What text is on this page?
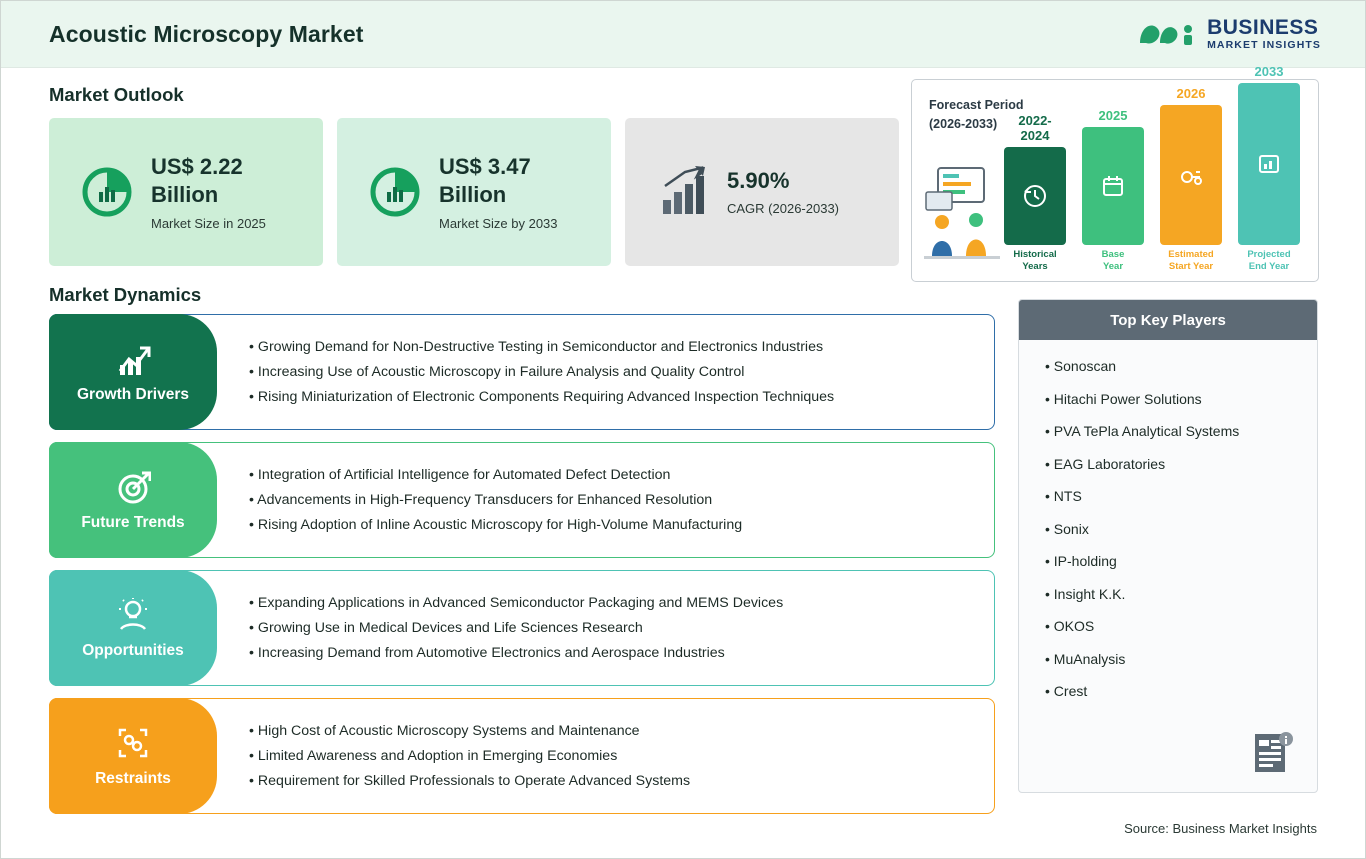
Acoustic Microscopy Market	BUSINESS
MARKET INSIGHTS
Market Outlook
Market Dynamics
US$ 2.22
Billion
Market Size in 2025
US$ 3.47
Billion
Market Size by 2033
5.90%
CAGR (2026-2033)
Forecast Period
(2026-2033)	2022-2024
Historical
Years
2025
Base
Year
2026
Estimated
Start Year
2033
Projected
End Year
Growth Drivers
• Growing Demand for Non-Destructive Testing in Semiconductor and Electronics Industries
• Increasing Use of Acoustic Microscopy in Failure Analysis and Quality Control
• Rising Miniaturization of Electronic Components Requiring Advanced Inspection Techniques
Future Trends
• Integration of Artificial Intelligence for Automated Defect Detection
• Advancements in High-Frequency Transducers for Enhanced Resolution
• Rising Adoption of Inline Acoustic Microscopy for High-Volume Manufacturing
Opportunities
• Expanding Applications in Advanced Semiconductor Packaging and MEMS Devices
• Growing Use in Medical Devices and Life Sciences Research
• Increasing Demand from Automotive Electronics and Aerospace Industries
Restraints
• High Cost of Acoustic Microscopy Systems and Maintenance
• Limited Awareness and Adoption in Emerging Economies
• Requirement for Skilled Professionals to Operate Advanced Systems
Top Key Players
• Sonoscan
• Hitachi Power Solutions
• PVA TePla Analytical Systems
• EAG Laboratories
• NTS
• Sonix
• IP-holding
• Insight K.K.
• OKOS
• MuAnalysis
• Crest
Source: Business Market Insights
